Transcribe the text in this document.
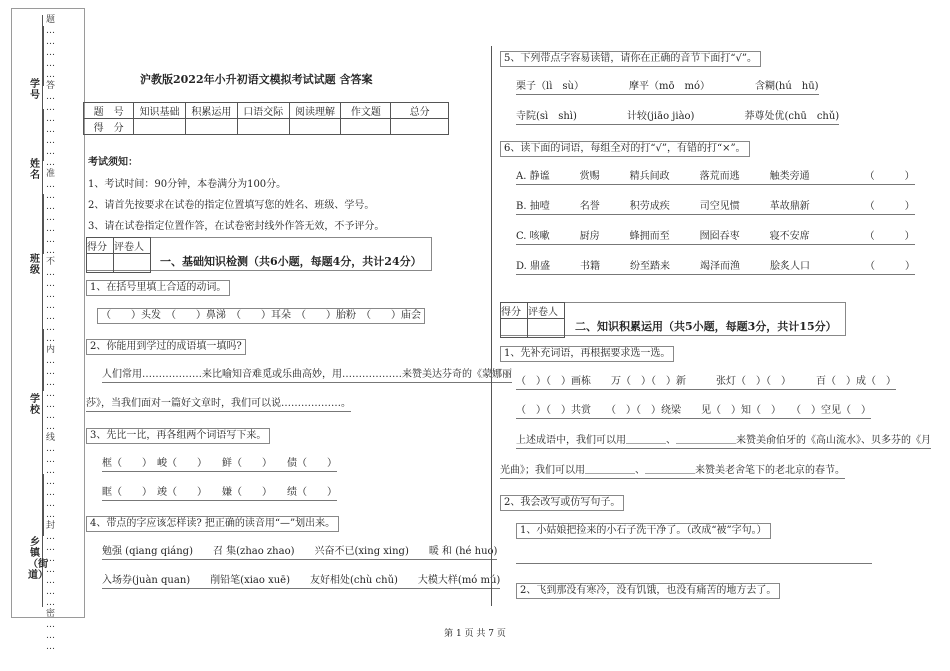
题
…
…
…
…
…
答
…
…
…
…
…
…
…
准
…
…
…
…
…
…
…
不
…
…
…
…
…
…
…
内
…
…
…
…
…
…
…
线
…
…
…
…
…
…
…
封
…
…
…
…
…
…
…
密
…
…
…
学号
姓名
班级
学校
乡镇（街道）
沪教版2022年小升初语文模拟考试试题 含答案
题　号	知识基础	积累运用	口语交际	阅读理解	作文题	总分
得　分						
考试须知：
1、考试时间：90分钟，本卷满分为100分。
2、请首先按要求在试卷的指定位置填写您的姓名、班级、学号。
3、请在试卷指定位置作答，在试卷密封线外作答无效，不予评分。
得分	评卷人

一、基础知识检测（共6小题，每题4分，共计24分）
1、在括号里填上合适的动词。
（　　）头发　（　　）鼻涕　（　　）耳朵　（　　）胎粉　（　　）庙会
2、你能用到学过的成语填一填吗?
人们常用………………来比喻知音难觅或乐曲高妙，用………………来赞美达芬奇的《蒙娜丽
莎》，当我们面对一篇好文章时，我们可以说………………。
3、先比一比，再各组两个词语写下来。
框（　　）　峻（　　）　　鲜（　　）　　债（　　）
眶（　　）　竣（　　）　　嫌（　　）　　绩（　　）
4、带点的字应该怎样读? 把正确的读音用“—”划出来。
勉强 (qiang qiáng)　　召 集(zhao zhao)　　兴奋不已(xing xing)　　暖 和 (hé huo)
入场券(juàn quan)　　削铅笔(xiao xuē)　　友好相处(chù chǔ)　　大模大样(mó mú)
5、下列带点字容易读错，请你在正确的音节下面打“√”。
栗子（lì　sù）　　　　　摩平（mō　mó）　　　　　含糊(hú　hū)
寺院(sì　shì)　　　　　计较(jiāo jiào)　　　　　莽尊处优(chū　chǔ)
6、读下面的词语，每组全对的打“√”，有错的打“×”。
A. 静谧　　　赏赐　　　精兵间政　　　落荒而逃　　　触类旁通　　　　　　（　　　）
B. 抽噎　　　名誉　　　积劳成疾　　　司空见惯　　　革故鼎新　　　　　　（　　　）
C. 咳嗽　　　厨房　　　蜂拥而至　　　囫囵吞枣　　　寝不安席　　　　　　（　　　）
D. 鼎盛　　　书籍　　　纷至踏来　　　竭泽而渔　　　脍炙人口　　　　　　（　　　）
得分	评卷人

二、知识积累运用（共5小题，每题3分，共计15分）
1、先补充词语，再根据要求选一选。
（　）（　）画栋　　万（　）（　）新　　　张灯（　）（　）　　　百（　）成（　）
（　）（　）共赏　　（　）（　）绕梁　　见（　）知（　）　　（　）空见（　）
上述成语中，我们可以用＿＿＿＿、＿＿＿＿＿＿来赞美俞伯牙的《高山流水》、贝多芬的《月
光曲》；我们可以用＿＿＿＿＿、＿＿＿＿＿来赞美老舍笔下的老北京的春节。
2、我会改写或仿写句子。
1、小姑娘把捡来的小石子洗干净了。（改成“被”字句。）
2、飞到那没有寒冷，没有饥饿，也没有痛苦的地方去了。
第 1 页 共 7 页
